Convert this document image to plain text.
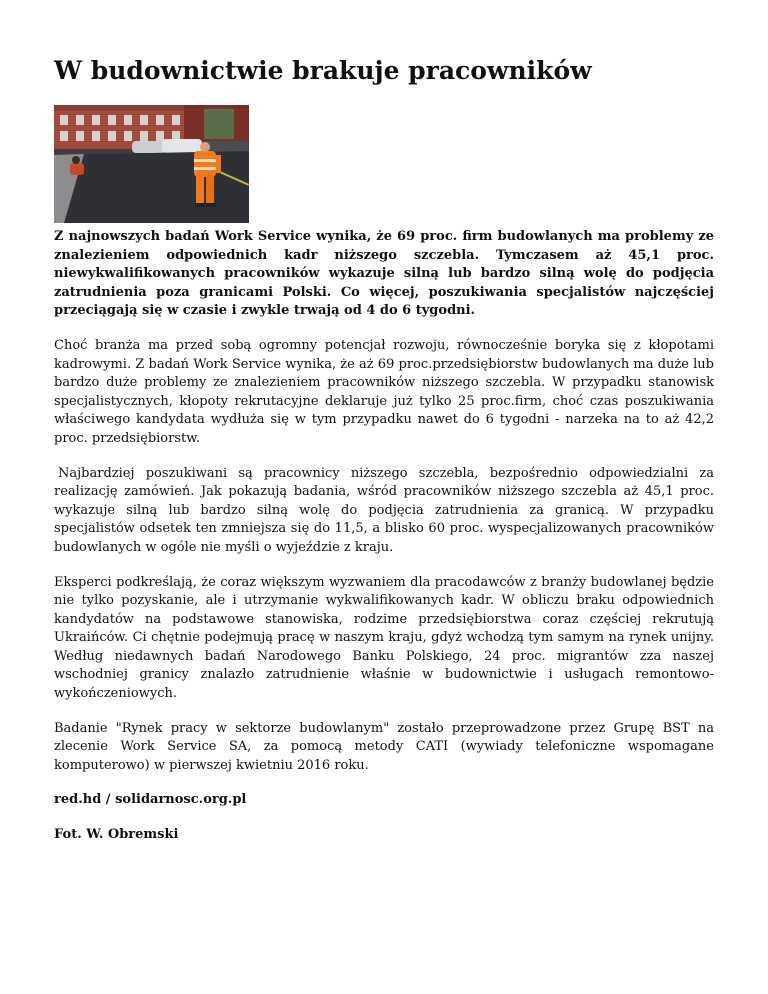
W budownictwie brakuje pracowników

Z najnowszych badań Work Service wynika, że 69 proc. firm budowlanych ma problemy ze znalezieniem odpowiednich kadr niższego szczebla. Tymczasem aż 45,1 proc. niewykwalifikowanych pracowników wykazuje silną lub bardzo silną wolę do podjęcia zatrudnienia poza granicami Polski. Co więcej, poszukiwania specjalistów najczęściej przeciągają się w czasie i zwykle trwają od 4 do 6 tygodni.

Choć branża ma przed sobą ogromny potencjał rozwoju, równocześnie boryka się z kłopotami kadrowymi. Z badań Work Service wynika, że aż 69 proc.przedsiębiorstw budowlanych ma duże lub bardzo duże problemy ze znalezieniem pracowników niższego szczebla. W przypadku stanowisk specjalistycznych, kłopoty rekrutacyjne deklaruje już tylko 25 proc.firm, choć czas poszukiwania właściwego kandydata wydłuża się w tym przypadku nawet do 6 tygodni - narzeka na to aż 42,2 proc. przedsiębiorstw.

Najbardziej poszukiwani są pracownicy niższego szczebla, bezpośrednio odpowiedzialni za realizację zamówień. Jak pokazują badania, wśród pracowników niższego szczebla aż 45,1 proc. wykazuje silną lub bardzo silną wolę do podjęcia zatrudnienia za granicą. W przypadku specjalistów odsetek ten zmniejsza się do 11,5, a blisko 60 proc. wyspecjalizowanych pracowników budowlanych w ogóle nie myśli o wyjeździe z kraju.

Eksperci podkreślają, że coraz większym wyzwaniem dla pracodawców z branży budowlanej będzie nie tylko pozyskanie, ale i utrzymanie wykwalifikowanych kadr. W obliczu braku odpowiednich kandydatów na podstawowe stanowiska, rodzime przedsiębiorstwa coraz częściej rekrutują Ukraińców. Ci chętnie podejmują pracę w naszym kraju, gdyż wchodzą tym samym na rynek unijny. Według niedawnych badań Narodowego Banku Polskiego, 24 proc. migrantów zza naszej wschodniej granicy znalazło zatrudnienie właśnie w budownictwie i usługach remontowo-wykończeniowych.

Badanie "Rynek pracy w sektorze budowlanym" zostało przeprowadzone przez Grupę BST na zlecenie Work Service SA, za pomocą metody CATI (wywiady telefoniczne wspomagane komputerowo) w pierwszej kwietniu 2016 roku.

red.hd / solidarnosc.org.pl

Fot. W. Obremski
